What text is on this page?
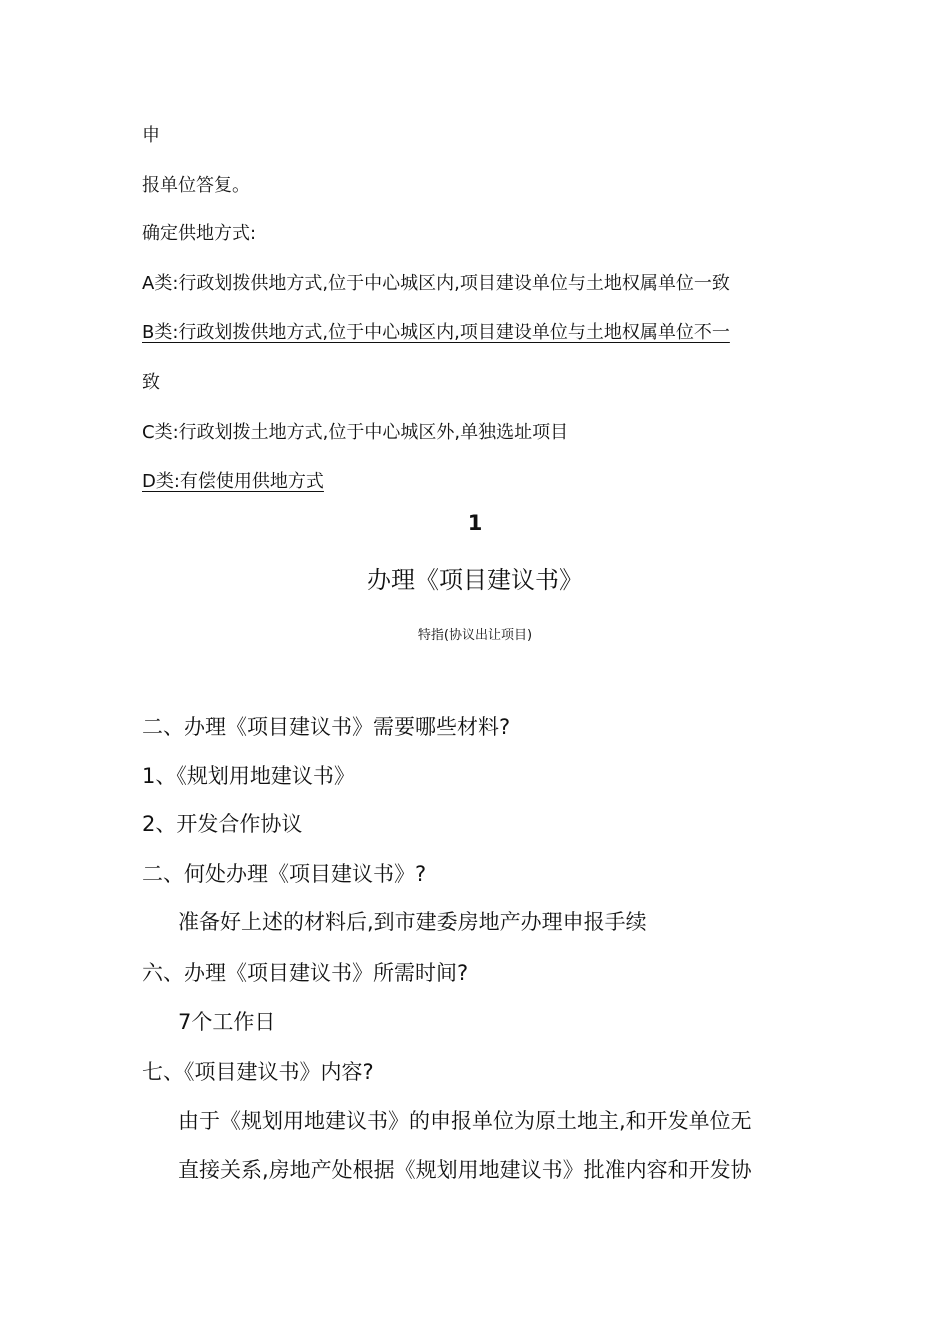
申

报单位答复。

确定供地方式:

A类:行政划拨供地方式,位于中心城区内,项目建设单位与土地权属单位一致

B类:行政划拨供地方式,位于中心城区内,项目建设单位与土地权属单位不一

致

C类:行政划拨土地方式,位于中心城区外,单独选址项目

D类:有偿使用供地方式

1

办理《项目建议书》

特指(协议出让项目)

二、办理《项目建议书》需要哪些材料?

1、《规划用地建议书》

2、开发合作协议

二、何处办理《项目建议书》?

准备好上述的材料后,到市建委房地产办理申报手续

六、办理《项目建议书》所需时间?

7个工作日

七、《项目建议书》内容?

由于《规划用地建议书》的申报单位为原土地主,和开发单位无

直接关系,房地产处根据《规划用地建议书》批准内容和开发协
